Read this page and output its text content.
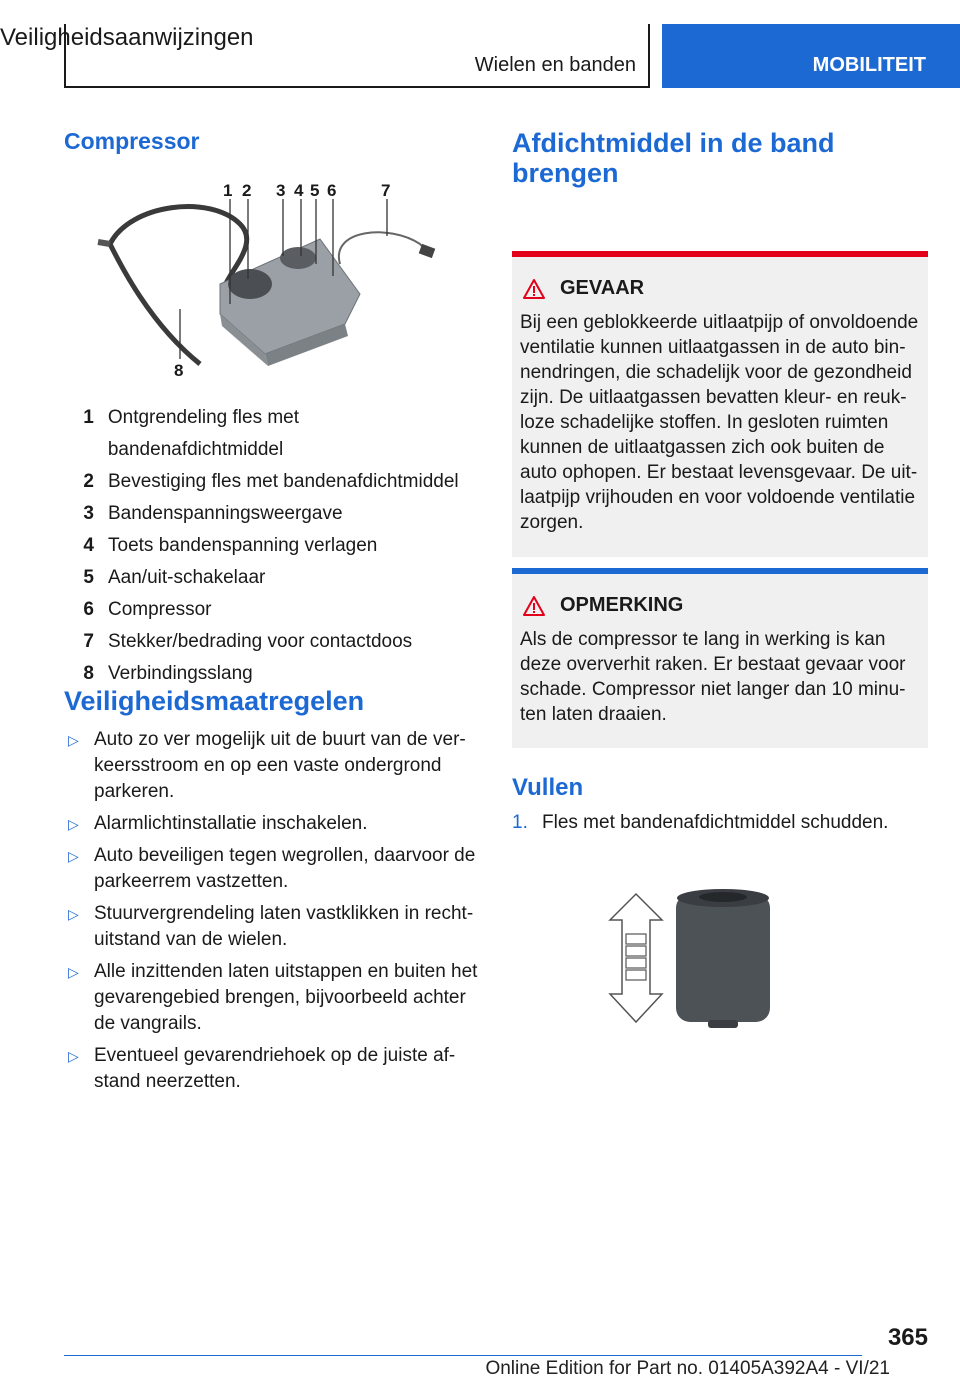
Wielen en banden	MOBILITEIT
Compressor
1 2 3 4 5 6	7
8
1 Ontgrendeling fles met bandenafdichtmiddel
2 Bevestiging fles met bandenafdichtmiddel
3 Bandenspanningsweergave
4 Toets bandenspanning verlagen
5 Aan/uit-schakelaar
6 Compressor
7 Stekker/bedrading voor contactdoos
8 Verbindingsslang
Veiligheidsmaatregelen
▷ Auto zo ver mogelijk uit de buurt van de verkeersstroom en op een vaste ondergrond parkeren.
▷ Alarmlichtinstallatie inschakelen.
▷ Auto beveiligen tegen wegrollen, daarvoor de parkeerrem vastzetten.
▷ Stuurvergrendeling laten vastklikken in rechtuitstand van de wielen.
▷ Alle inzittenden laten uitstappen en buiten het gevarengebied brengen, bijvoorbeeld achter de vangrails.
▷ Eventueel gevarendriehoek op de juiste afstand neerzetten.
Afdichtmiddel in de band brengen
Veiligheidsaanwijzingen
GEVAAR
Bij een geblokkeerde uitlaatpijp of onvoldoende ventilatie kunnen uitlaatgassen in de auto binnendringen, die schadelijk voor de gezondheid zijn. De uitlaatgassen bevatten kleur- en reukloze schadelijke stoffen. In gesloten ruimten kunnen de uitlaatgassen zich ook buiten de auto ophopen. Er bestaat levensgevaar. De uitlaatpijp vrijhouden en voor voldoende ventilatie zorgen.
OPMERKING
Als de compressor te lang in werking is kan deze oververhit raken. Er bestaat gevaar voor schade. Compressor niet langer dan 10 minuten laten draaien.
Vullen
1. Fles met bandenafdichtmiddel schudden.
365
Online Edition for Part no. 01405A392A4 - VI/21
